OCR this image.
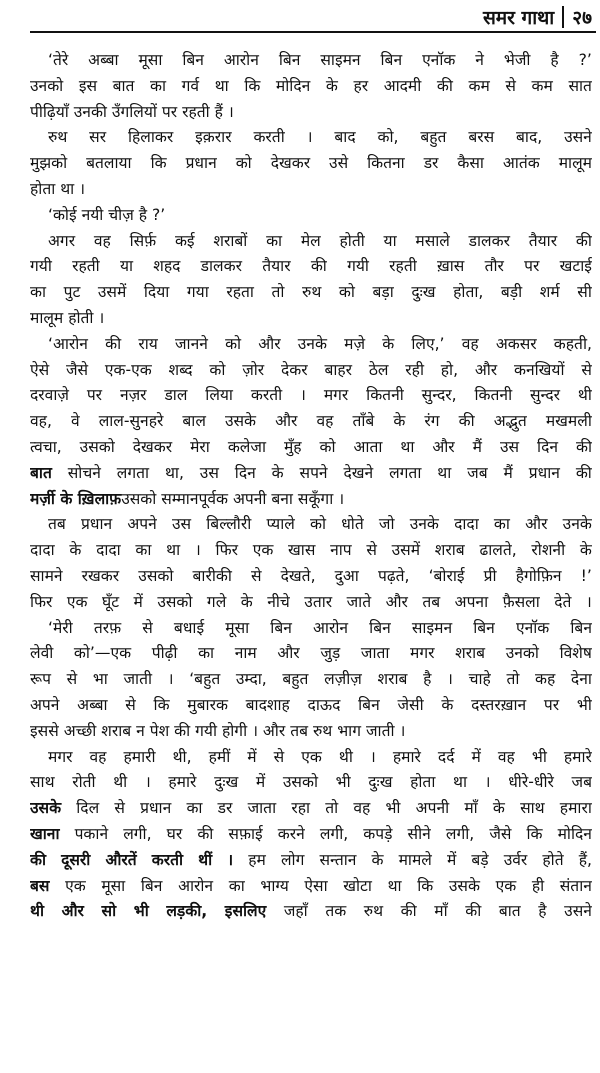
समर गाथा २७
‘तेरे अब्बा मूसा बिन आरोन बिन साइमन बिन एनॉक ने भेजी है ?’
उनको इस बात का गर्व था कि मोदिन के हर आदमी की कम से कम सात
पीढ़ियाँ उनकी उँगलियों पर रहती हैं ।
रुथ सर हिलाकर इक़रार करती । बाद को, बहुत बरस बाद, उसने
मुझको बतलाया कि प्रधान को देखकर उसे कितना डर कैसा आतंक मालूम
होता था ।
‘कोई नयी चीज़ है ?’
अगर वह सिर्फ़ कई शराबों का मेल होती या मसाले डालकर तैयार की
गयी रहती या शहद डालकर तैयार की गयी रहती ख़ास तौर पर खटाई
का पुट उसमें दिया गया रहता तो रुथ को बड़ा दुःख होता, बड़ी शर्म सी
मालूम होती ।
‘आरोन की राय जानने को और उनके मज़े के लिए,’ वह अकसर कहती,
ऐसे जैसे एक-एक शब्द को ज़ोर देकर बाहर ठेल रही हो, और कनखियों से
दरवाज़े पर नज़र डाल लिया करती । मगर कितनी सुन्दर, कितनी सुन्दर थी
वह, वे लाल-सुनहरे बाल उसके और वह ताँबे के रंग की अद्भुत मखमली
त्वचा, उसको देखकर मेरा कलेजा मुँह को आता था और मैं उस दिन की
बात सोचने लगता था, उस दिन के सपने देखने लगता था जब मैं प्रधान की
मर्ज़ी के ख़िलाफ़ उसको सम्मानपूर्वक अपनी बना सकूँगा ।
तब प्रधान अपने उस बिल्लौरी प्याले को धोते जो उनके दादा का और उनके
दादा के दादा का था । फिर एक खास नाप से उसमें शराब ढालते, रोशनी के
सामने रखकर उसको बारीकी से देखते, दुआ पढ़ते, ‘बोराई प्री हैगोफ़िन !’
फिर एक घूँट में उसको गले के नीचे उतार जाते और तब अपना फ़ैसला देते ।
‘मेरी तरफ़ से बधाई मूसा बिन आरोन बिन साइमन बिन एनॉक बिन
लेवी को’—एक पीढ़ी का नाम और जुड़ जाता मगर शराब उनको विशेष
रूप से भा जाती । ‘बहुत उम्दा, बहुत लज़ीज़ शराब है । चाहे तो कह देना
अपने अब्बा से कि मुबारक बादशाह दाऊद बिन जेसी के दस्तरख़ान पर भी
इससे अच्छी शराब न पेश की गयी होगी । और तब रुथ भाग जाती ।
मगर वह हमारी थी, हमीं में से एक थी । हमारे दर्द में वह भी हमारे
साथ रोती थी । हमारे दुःख में उसको भी दुःख होता था । धीरे-धीरे जब
उसके दिल से प्रधान का डर जाता रहा तो वह भी अपनी माँ के साथ हमारा
खाना पकाने लगी, घर की सफ़ाई करने लगी, कपड़े सीने लगी, जैसे कि मोदिन
की दूसरी औरतें करती थीं । हम लोग सन्तान के मामले में बड़े उर्वर होते हैं,
बस एक मूसा बिन आरोन का भाग्य ऐसा खोटा था कि उसके एक ही संतान
थी और सो भी लड़की, इसलिए जहाँ तक रुथ की माँ की बात है उसने
